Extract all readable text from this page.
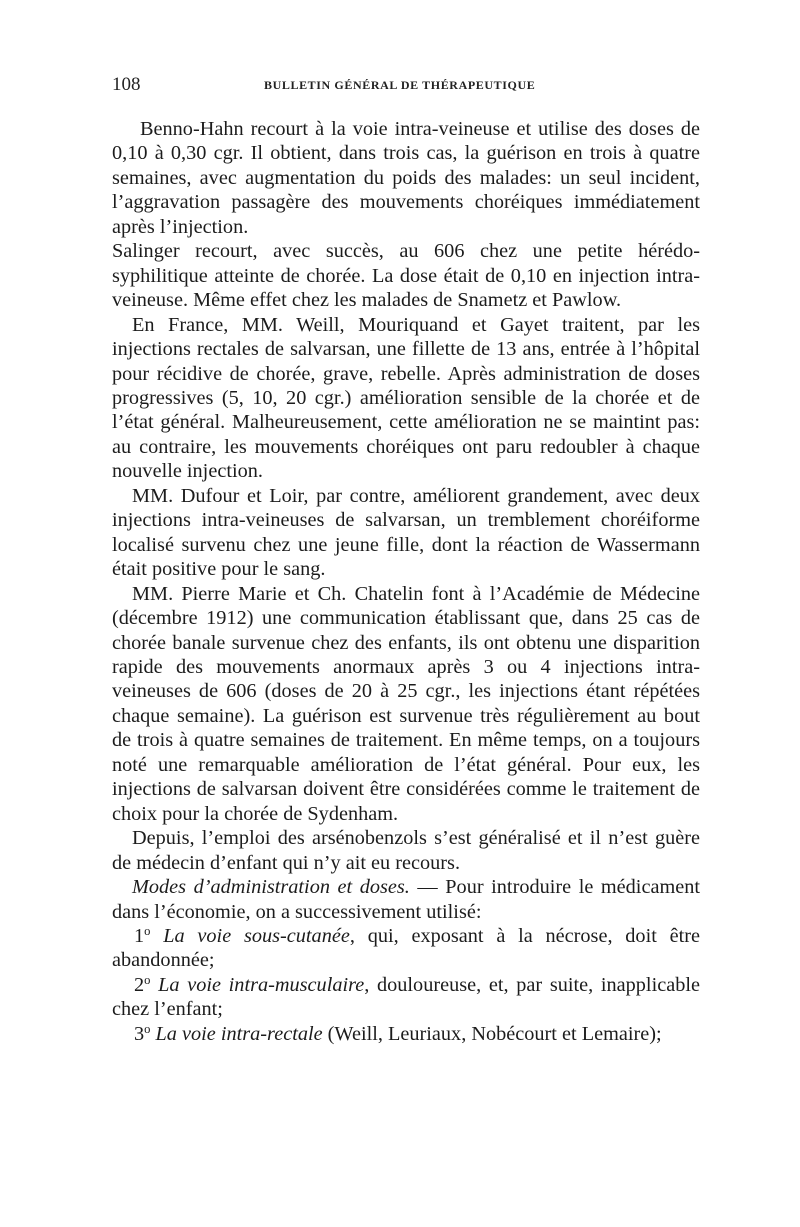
108	BULLETIN GÉNÉRAL DE THÉRAPEUTIQUE

Benno-Hahn recourt à la voie intra-veineuse et utilise des doses de 0,10 à 0,30 cgr. Il obtient, dans trois cas, la guérison en trois à quatre semaines, avec augmentation du poids des malades: un seul incident, l’aggravation passagère des mouvements choréiques immédiatement après l’injection.

Salinger recourt, avec succès, au 606 chez une petite hérédo-syphilitique atteinte de chorée. La dose était de 0,10 en injection intra-veineuse. Même effet chez les malades de Snametz et Pawlow.

En France, MM. Weill, Mouriquand et Gayet traitent, par les injections rectales de salvarsan, une fillette de 13 ans, entrée à l’hôpital pour récidive de chorée, grave, rebelle. Après administration de doses progressives (5, 10, 20 cgr.) amélioration sensible de la chorée et de l’état général. Malheureusement, cette amélioration ne se maintint pas: au contraire, les mouvements choréiques ont paru redoubler à chaque nouvelle injection.

MM. Dufour et Loir, par contre, améliorent grandement, avec deux injections intra-veineuses de salvarsan, un tremblement choréiforme localisé survenu chez une jeune fille, dont la réaction de Wassermann était positive pour le sang.

MM. Pierre Marie et Ch. Chatelin font à l’Académie de Médecine (décembre 1912) une communication établissant que, dans 25 cas de chorée banale survenue chez des enfants, ils ont obtenu une disparition rapide des mouvements anormaux après 3 ou 4 injections intra-veineuses de 606 (doses de 20 à 25 cgr., les injections étant répétées chaque semaine). La guérison est survenue très régulièrement au bout de trois à quatre semaines de traitement. En même temps, on a toujours noté une remarquable amélioration de l’état général. Pour eux, les injections de salvarsan doivent être considérées comme le traitement de choix pour la chorée de Sydenham.

Depuis, l’emploi des arsénobenzols s’est généralisé et il n’est guère de médecin d’enfant qui n’y ait eu recours.

Modes d’administration et doses. — Pour introduire le médicament dans l’économie, on a successivement utilisé:

1$^o$ La voie sous-cutanée, qui, exposant à la nécrose, doit être abandonnée;

2$^o$ La voie intra-musculaire, douloureuse, et, par suite, inapplicable chez l’enfant;

3$^o$ La voie intra-rectale (Weill, Leuriaux, Nobécourt et Lemaire);
